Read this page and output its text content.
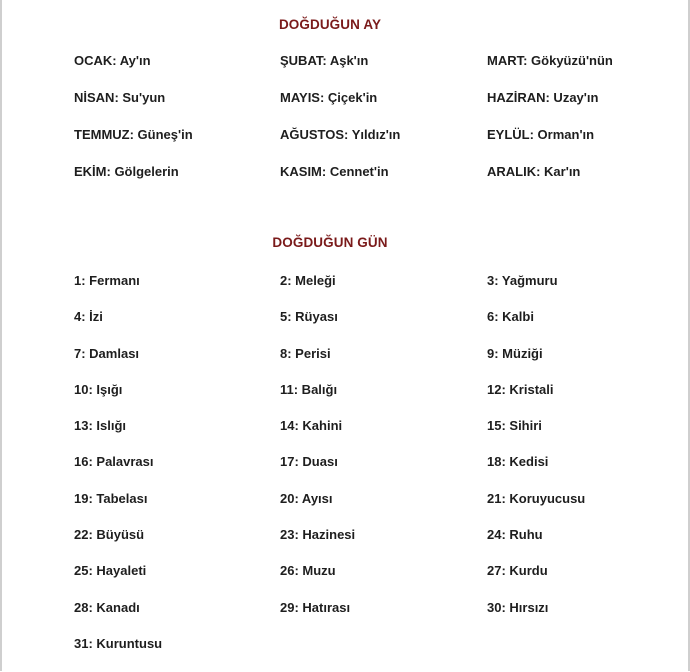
DOĞDUĞUN AY
OCAK: Ay'ın	ŞUBAT: Aşk'ın	MART: Gökyüzü'nün
NİSAN: Su'yun	MAYIS: Çiçek'in	HAZİRAN: Uzay'ın
TEMMUZ: Güneş'in	AĞUSTOS: Yıldız'ın	EYLÜL: Orman'ın
EKİM: Gölgelerin	KASIM: Cennet'in	ARALIK: Kar'ın
DOĞDUĞUN GÜN
1: Fermanı	2: Meleği	3: Yağmuru
4: İzi	5: Rüyası	6: Kalbi
7: Damlası	8: Perisi	9: Müziği
10: Işığı	11: Balığı	12: Kristali
13: Islığı	14: Kahini	15: Sihiri
16: Palavrası	17: Duası	18: Kedisi
19: Tabelası	20: Ayısı	21: Koruyucusu
22: Büyüsü	23: Hazinesi	24: Ruhu
25: Hayaleti	26: Muzu	27: Kurdu
28: Kanadı	29: Hatırası	30: Hırsızı
31: Kuruntusu
